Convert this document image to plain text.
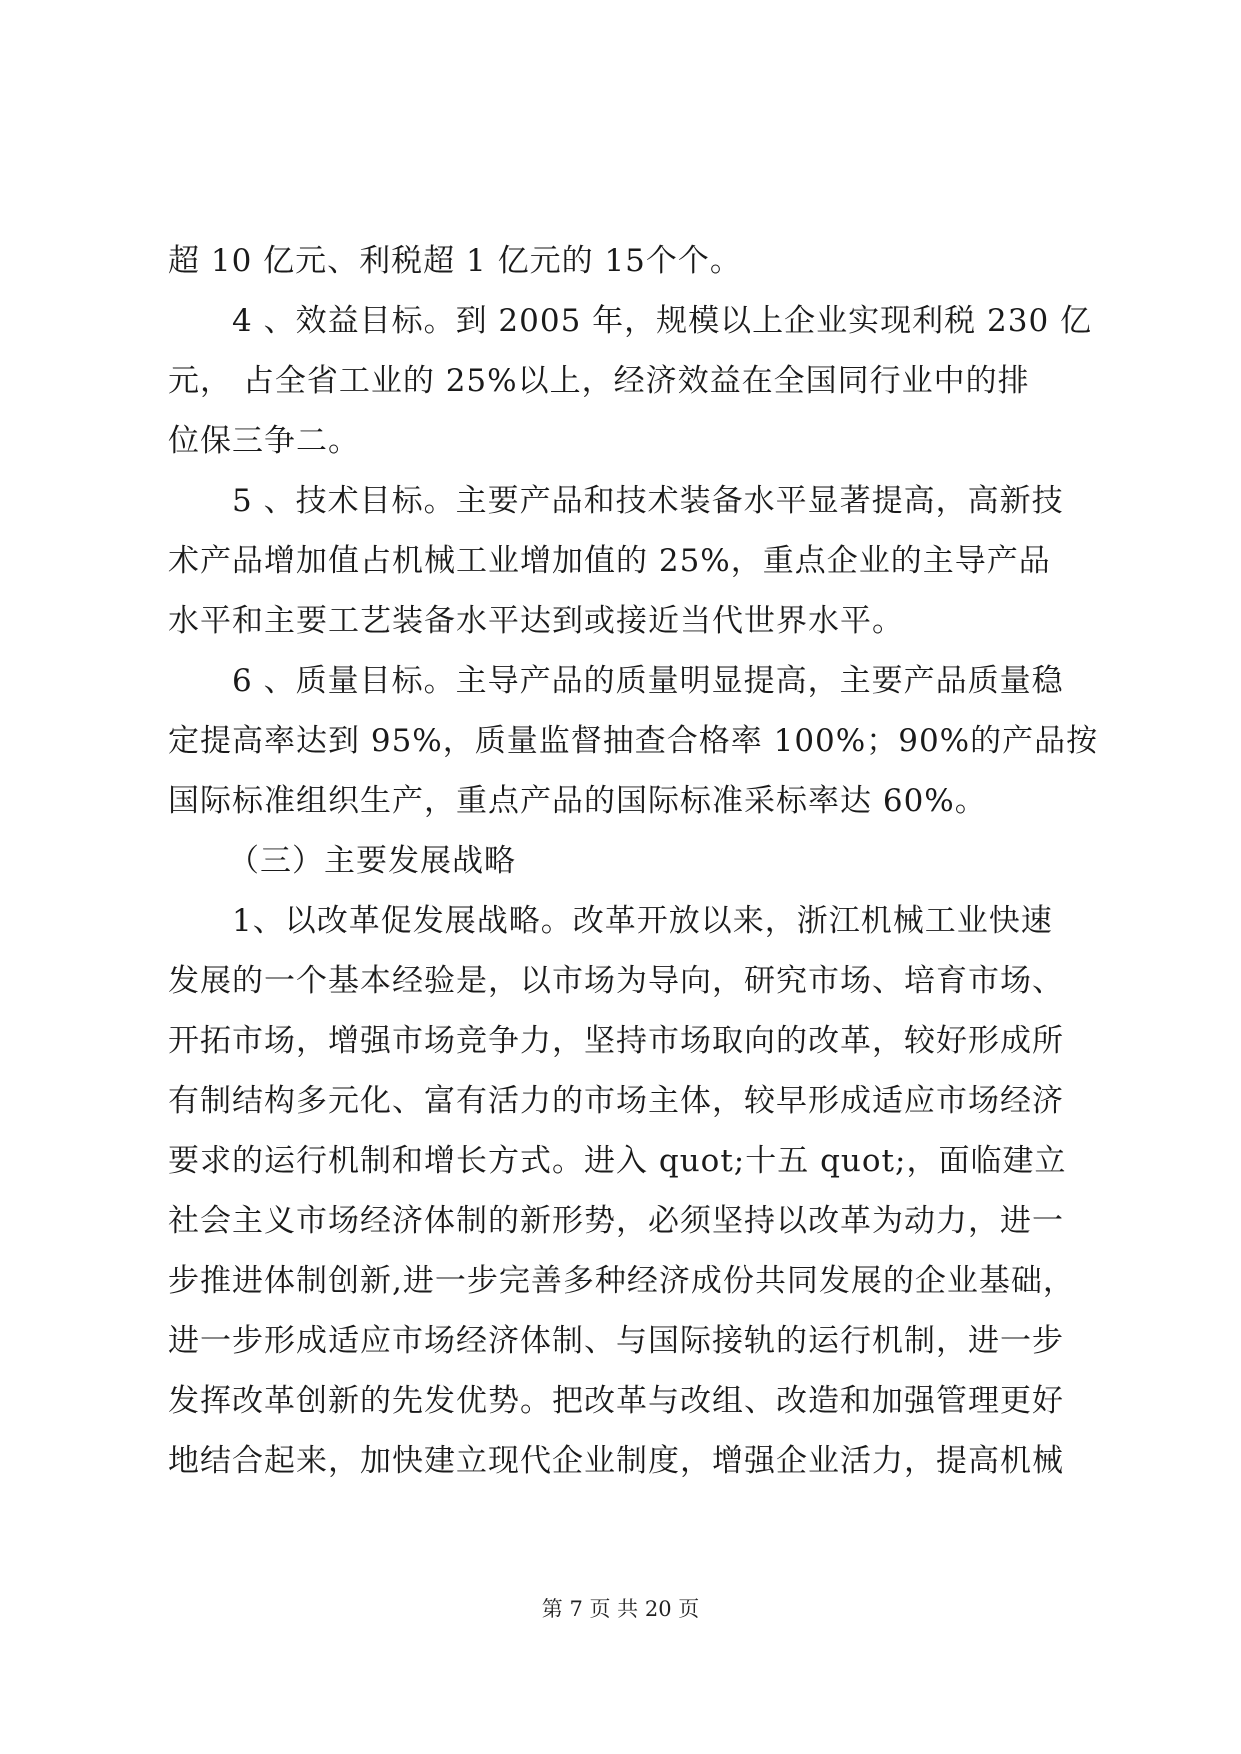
超 10 亿元、利税超 1 亿元的 15个个。
4 、效益目标。到 2005 年，规模以上企业实现利税 230 亿
元， 占全省工业的 25%以上，经济效益在全国同行业中的排
位保三争二。
5 、技术目标。主要产品和技术装备水平显著提高，高新技
术产品增加值占机械工业增加值的 25%，重点企业的主导产品
水平和主要工艺装备水平达到或接近当代世界水平。
6 、质量目标。主导产品的质量明显提高，主要产品质量稳
定提高率达到 95%，质量监督抽查合格率 100%；90%的产品按
国际标准组织生产，重点产品的国际标准采标率达 60%。
（三）主要发展战略
1、以改革促发展战略。改革开放以来，浙江机械工业快速
发展的一个基本经验是，以市场为导向，研究市场、培育市场、
开拓市场，增强市场竞争力，坚持市场取向的改革，较好形成所
有制结构多元化、富有活力的市场主体，较早形成适应市场经济
要求的运行机制和增长方式。进入 quot;十五 quot;，面临建立
社会主义市场经济体制的新形势，必须坚持以改革为动力，进一
步推进体制创新,进一步完善多种经济成份共同发展的企业基础，
进一步形成适应市场经济体制、与国际接轨的运行机制，进一步
发挥改革创新的先发优势。把改革与改组、改造和加强管理更好
地结合起来，加快建立现代企业制度，增强企业活力，提高机械
第 7 页 共 20 页
